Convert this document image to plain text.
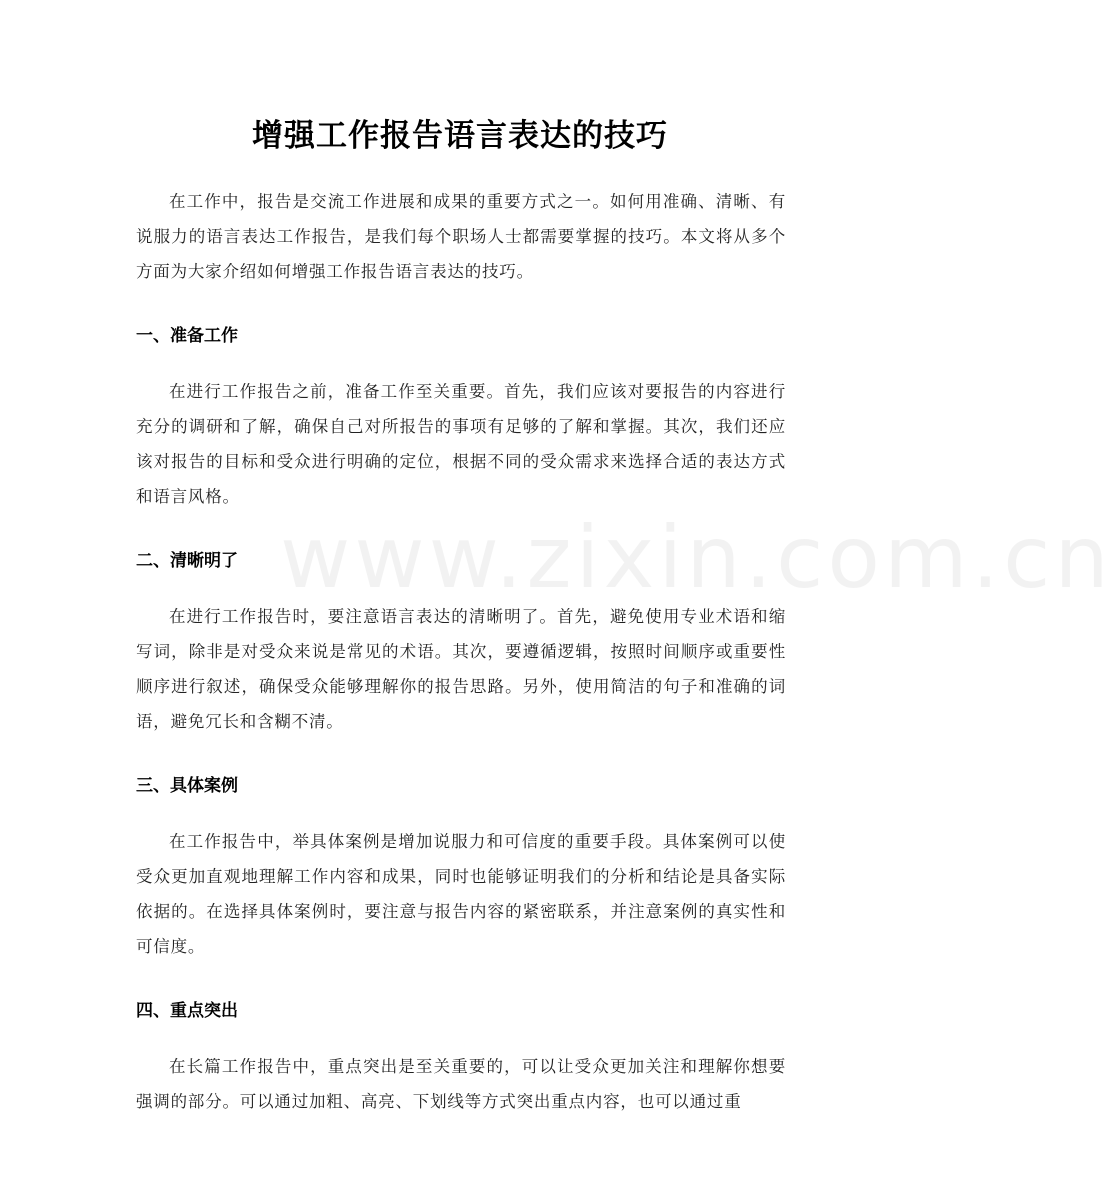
增强工作报告语言表达的技巧
www.zixin.com.cn

在工作中，报告是交流工作进展和成果的重要方式之一。如何用准确、清晰、有说服力的语言表达工作报告，是我们每个职场人士都需要掌握的技巧。本文将从多个方面为大家介绍如何增强工作报告语言表达的技巧。

一、准备工作

在进行工作报告之前，准备工作至关重要。首先，我们应该对要报告的内容进行充分的调研和了解，确保自己对所报告的事项有足够的了解和掌握。其次，我们还应该对报告的目标和受众进行明确的定位，根据不同的受众需求来选择合适的表达方式和语言风格。

二、清晰明了

在进行工作报告时，要注意语言表达的清晰明了。首先，避免使用专业术语和缩写词，除非是对受众来说是常见的术语。其次，要遵循逻辑，按照时间顺序或重要性顺序进行叙述，确保受众能够理解你的报告思路。另外，使用简洁的句子和准确的词语，避免冗长和含糊不清。

三、具体案例

在工作报告中，举具体案例是增加说服力和可信度的重要手段。具体案例可以使受众更加直观地理解工作内容和成果，同时也能够证明我们的分析和结论是具备实际依据的。在选择具体案例时，要注意与报告内容的紧密联系，并注意案例的真实性和可信度。

四、重点突出

在长篇工作报告中，重点突出是至关重要的，可以让受众更加关注和理解你想要强调的部分。可以通过加粗、高亮、下划线等方式突出重点内容，也可以通过重
